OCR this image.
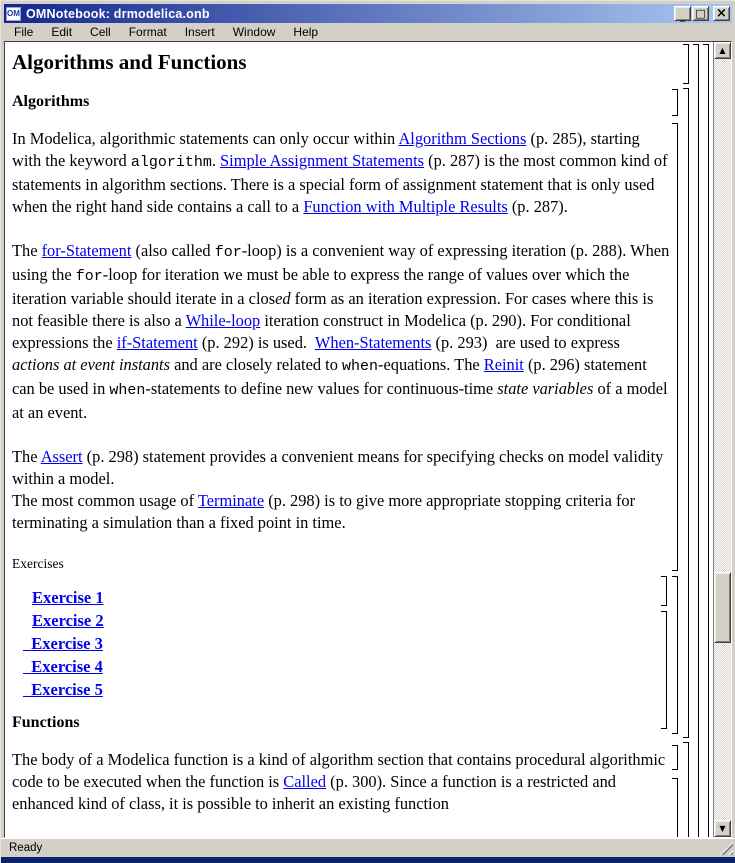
OM OMNotebook: drmodelica.onb	_ □ ×
File	Edit	Cell	Format	Insert	Window	Help
Algorithms and Functions
Algorithms

In Modelica, algorithmic statements can only occur within Algorithm Sections (p. 285), starting with the keyword algorithm. Simple Assignment Statements (p. 287) is the most common kind of statements in algorithm sections. There is a special form of assignment statement that is only used when the right hand side contains a call to a Function with Multiple Results (p. 287).

The for-Statement (also called for-loop) is a convenient way of expressing iteration (p. 288). When using the for-loop for iteration we must be able to express the range of values over which the iteration variable should iterate in a closed form as an iteration expression. For cases where this is not feasible there is also a While-loop iteration construct in Modelica (p. 290). For conditional expressions the if-Statement (p. 292) is used.  When-Statements (p. 293)  are used to express actions at event instants and are closely related to when-equations. The Reinit (p. 296) statement can be used in when-statements to define new values for continuous-time state variables of a model at an event.

The Assert (p. 298) statement provides a convenient means for specifying checks on model validity within a model.
The most common usage of Terminate (p. 298) is to give more appropriate stopping criteria for terminating a simulation than a fixed point in time.

Exercises
Exercise 1
Exercise 2
Exercise 3
Exercise 4
Exercise 5
Functions

The body of a Modelica function is a kind of algorithm section that contains procedural algorithmic code to be executed when the function is Called (p. 300). Since a function is a restricted and enhanced kind of class, it is possible to inherit an existing function

▲
▼
Ready
